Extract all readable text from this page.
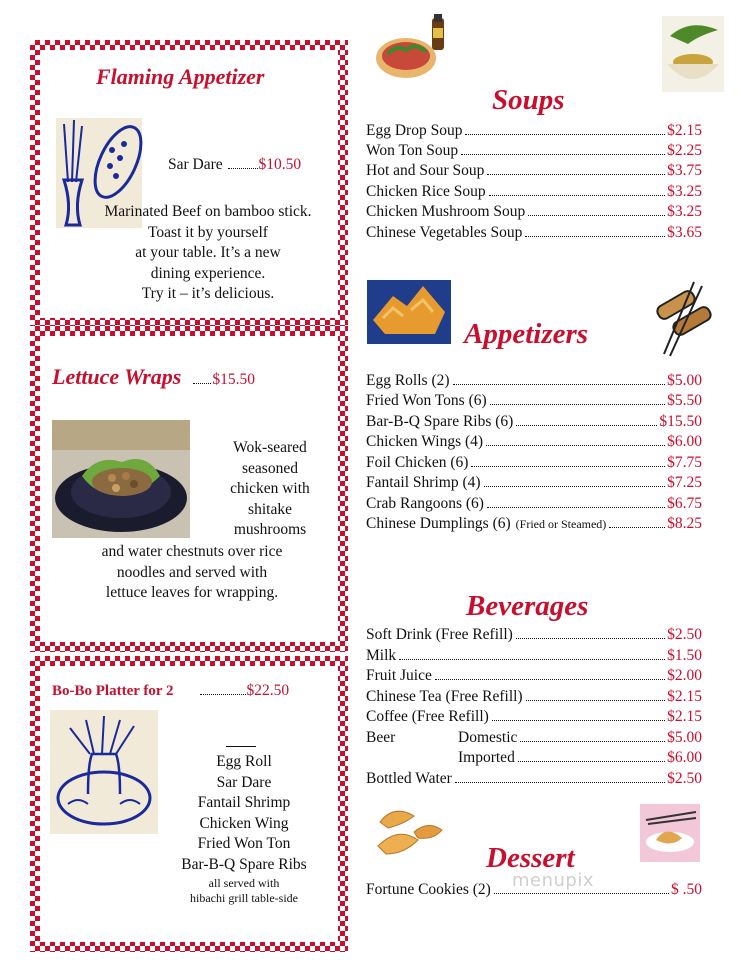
Flaming Appetizer
Sar Dare $10.50
Marinated Beef on bamboo stick.
Toast it by yourself
at your table. It’s a new
dining experience.
Try it – it’s delicious.
Lettuce Wraps $15.50
Wok-seared
seasoned
chicken with
shitake
mushrooms
and water chestnuts over rice
noodles and served with
lettuce leaves for wrapping.
Bo-Bo Platter for 2	$22.50
Egg Roll
Sar Dare
Fantail Shrimp
Chicken Wing
Fried Won Ton
Bar-B-Q Spare Ribs
all served with
hibachi grill table-side
Soups
Egg Drop Soup	$2.15
Won Ton Soup	$2.25
Hot and Sour Soup	$3.75
Chicken Rice Soup	$3.25
Chicken Mushroom Soup	$3.25
Chinese Vegetables Soup	$3.65
Appetizers
Egg Rolls (2)	$5.00
Fried Won Tons (6)	$5.50
Bar-B-Q Spare Ribs (6)	$15.50
Chicken Wings (4)	$6.00
Foil Chicken (6)	$7.75
Fantail Shrimp (4)	$7.25
Crab Rangoons (6)	$6.75
Chinese Dumplings (6) (Fried or Steamed)	$8.25
Beverages
Soft Drink (Free Refill)	$2.50
Milk	$1.50
Fruit Juice	$2.00
Chinese Tea (Free Refill)	$2.15
Coffee (Free Refill)	$2.15
Beer	Domestic	$5.00
Imported	$6.00
Bottled Water	$2.50
Dessert
Fortune Cookies (2)	$ .50
menupix
